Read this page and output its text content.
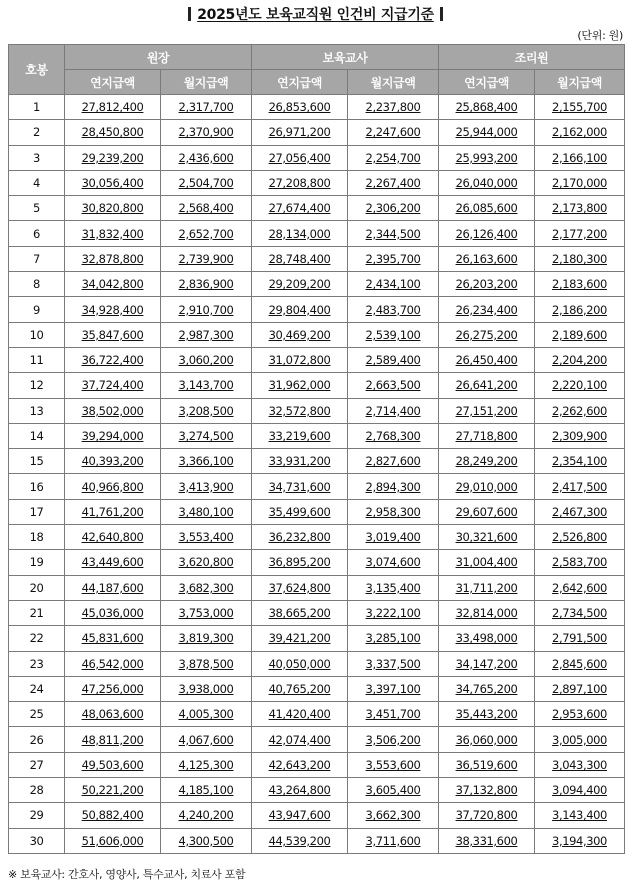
2025년도 보육교직원 인건비 지급기준
(단위: 원)
호봉	원장		보육교사		조리원	
	연지급액	월지급액	연지급액	월지급액	연지급액	월지급액
1	27,812,400	2,317,700	26,853,600	2,237,800	25,868,400	2,155,700
2	28,450,800	2,370,900	26,971,200	2,247,600	25,944,000	2,162,000
3	29,239,200	2,436,600	27,056,400	2,254,700	25,993,200	2,166,100
4	30,056,400	2,504,700	27,208,800	2,267,400	26,040,000	2,170,000
5	30,820,800	2,568,400	27,674,400	2,306,200	26,085,600	2,173,800
6	31,832,400	2,652,700	28,134,000	2,344,500	26,126,400	2,177,200
7	32,878,800	2,739,900	28,748,400	2,395,700	26,163,600	2,180,300
8	34,042,800	2,836,900	29,209,200	2,434,100	26,203,200	2,183,600
9	34,928,400	2,910,700	29,804,400	2,483,700	26,234,400	2,186,200
10	35,847,600	2,987,300	30,469,200	2,539,100	26,275,200	2,189,600
11	36,722,400	3,060,200	31,072,800	2,589,400	26,450,400	2,204,200
12	37,724,400	3,143,700	31,962,000	2,663,500	26,641,200	2,220,100
13	38,502,000	3,208,500	32,572,800	2,714,400	27,151,200	2,262,600
14	39,294,000	3,274,500	33,219,600	2,768,300	27,718,800	2,309,900
15	40,393,200	3,366,100	33,931,200	2,827,600	28,249,200	2,354,100
16	40,966,800	3,413,900	34,731,600	2,894,300	29,010,000	2,417,500
17	41,761,200	3,480,100	35,499,600	2,958,300	29,607,600	2,467,300
18	42,640,800	3,553,400	36,232,800	3,019,400	30,321,600	2,526,800
19	43,449,600	3,620,800	36,895,200	3,074,600	31,004,400	2,583,700
20	44,187,600	3,682,300	37,624,800	3,135,400	31,711,200	2,642,600
21	45,036,000	3,753,000	38,665,200	3,222,100	32,814,000	2,734,500
22	45,831,600	3,819,300	39,421,200	3,285,100	33,498,000	2,791,500
23	46,542,000	3,878,500	40,050,000	3,337,500	34,147,200	2,845,600
24	47,256,000	3,938,000	40,765,200	3,397,100	34,765,200	2,897,100
25	48,063,600	4,005,300	41,420,400	3,451,700	35,443,200	2,953,600
26	48,811,200	4,067,600	42,074,400	3,506,200	36,060,000	3,005,000
27	49,503,600	4,125,300	42,643,200	3,553,600	36,519,600	3,043,300
28	50,221,200	4,185,100	43,264,800	3,605,400	37,132,800	3,094,400
29	50,882,400	4,240,200	43,947,600	3,662,300	37,720,800	3,143,400
30	51,606,000	4,300,500	44,539,200	3,711,600	38,331,600	3,194,300
※ 보육교사: 간호사, 영양사, 특수교사, 치료사 포함
